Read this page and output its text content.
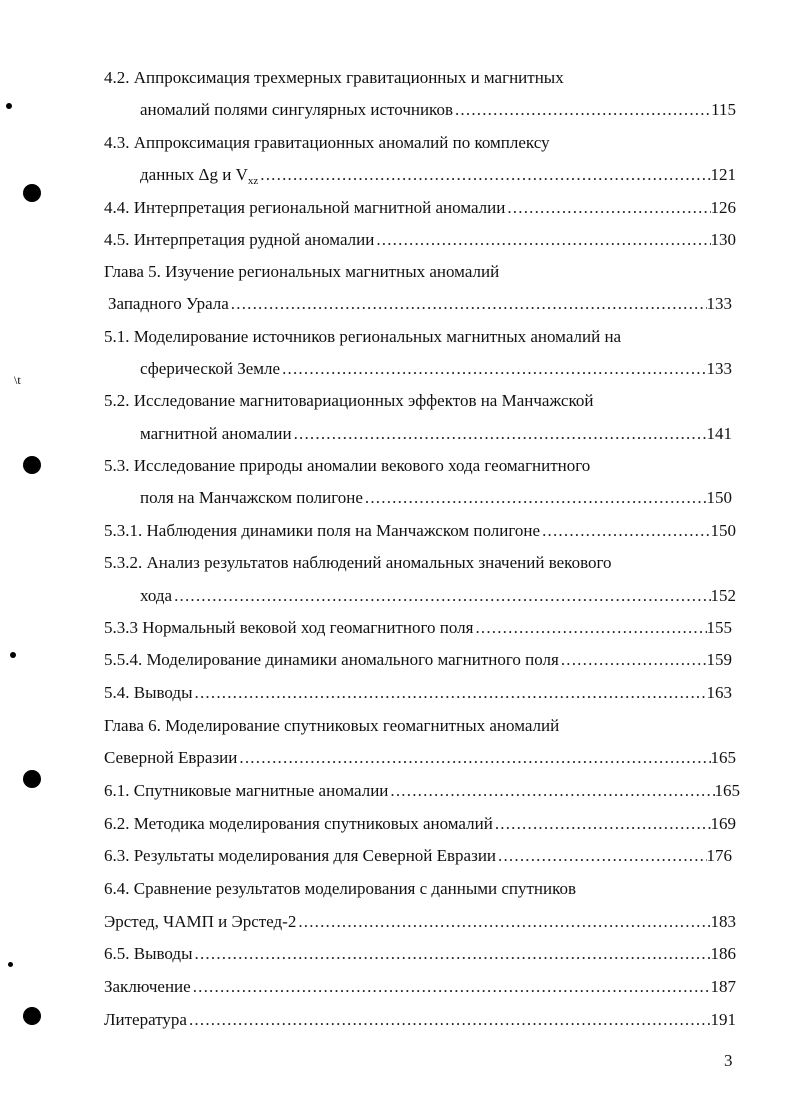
\t
4.2. Аппроксимация трехмерных гравитационных и магнитных
аномалий полями сингулярных источников .....	115
4.3. Аппроксимация гравитационных аномалий по комплексу
данных Δg и $V_{xz}$ .....	121
4.4. Интерпретация региональной магнитной аномалии .....	126
4.5. Интерпретация рудной аномалии .....	130
Глава 5. Изучение региональных магнитных аномалий
Западного Урала .....	133
5.1. Моделирование источников региональных магнитных аномалий на
сферической Земле .....	133
5.2. Исследование магнитовариационных эффектов на Манчажской
магнитной аномалии .....	141
5.3. Исследование природы аномалии векового хода геомагнитного
поля на Манчажском полигоне .....	150
5.3.1. Наблюдения динамики поля на Манчажском полигоне .....	150
5.3.2. Анализ результатов наблюдений аномальных значений векового
хода .....	152
5.3.3 Нормальный вековой ход геомагнитного поля .....	155
5.5.4. Моделирование динамики аномального магнитного поля .....	159
5.4. Выводы .....	163
Глава 6. Моделирование спутниковых геомагнитных аномалий
Северной Евразии .....	165
6.1. Спутниковые магнитные аномалии .....	165
6.2. Методика моделирования спутниковых аномалий .....	169
6.3. Результаты моделирования для Северной Евразии .....	176
6.4. Сравнение результатов моделирования с данными спутников
Эрстед, ЧАМП и Эрстед-2 .....	183
6.5. Выводы .....	186
Заключение .....	187
Литература .....	191
3
